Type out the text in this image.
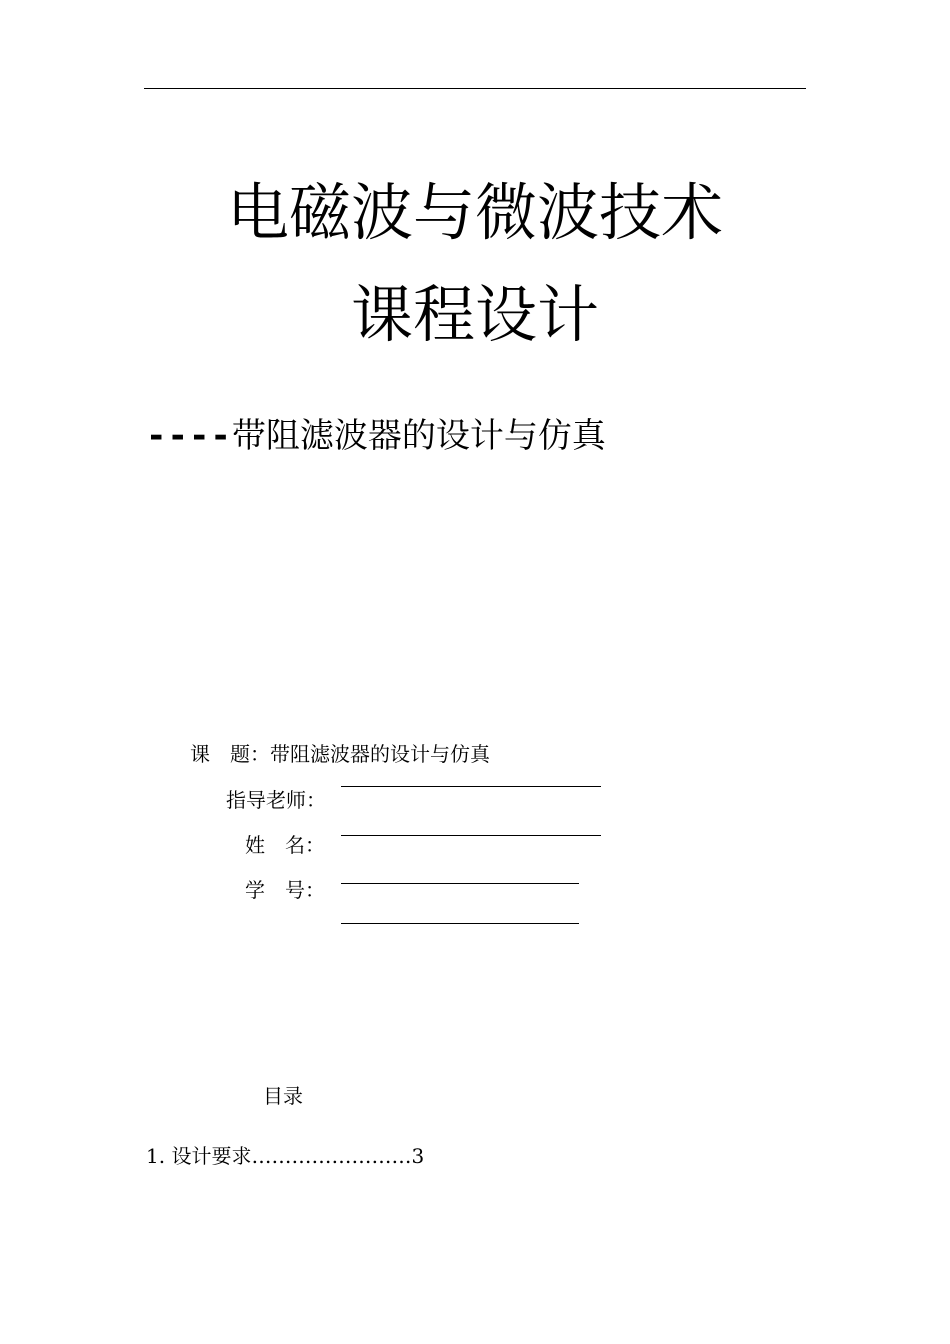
电磁波与微波技术
课程设计
----带阻滤波器的设计与仿真
课　题：带阻滤波器的设计与仿真
指导老师：
姓　名：
学　号：
目录
1. 设计要求……………………3
